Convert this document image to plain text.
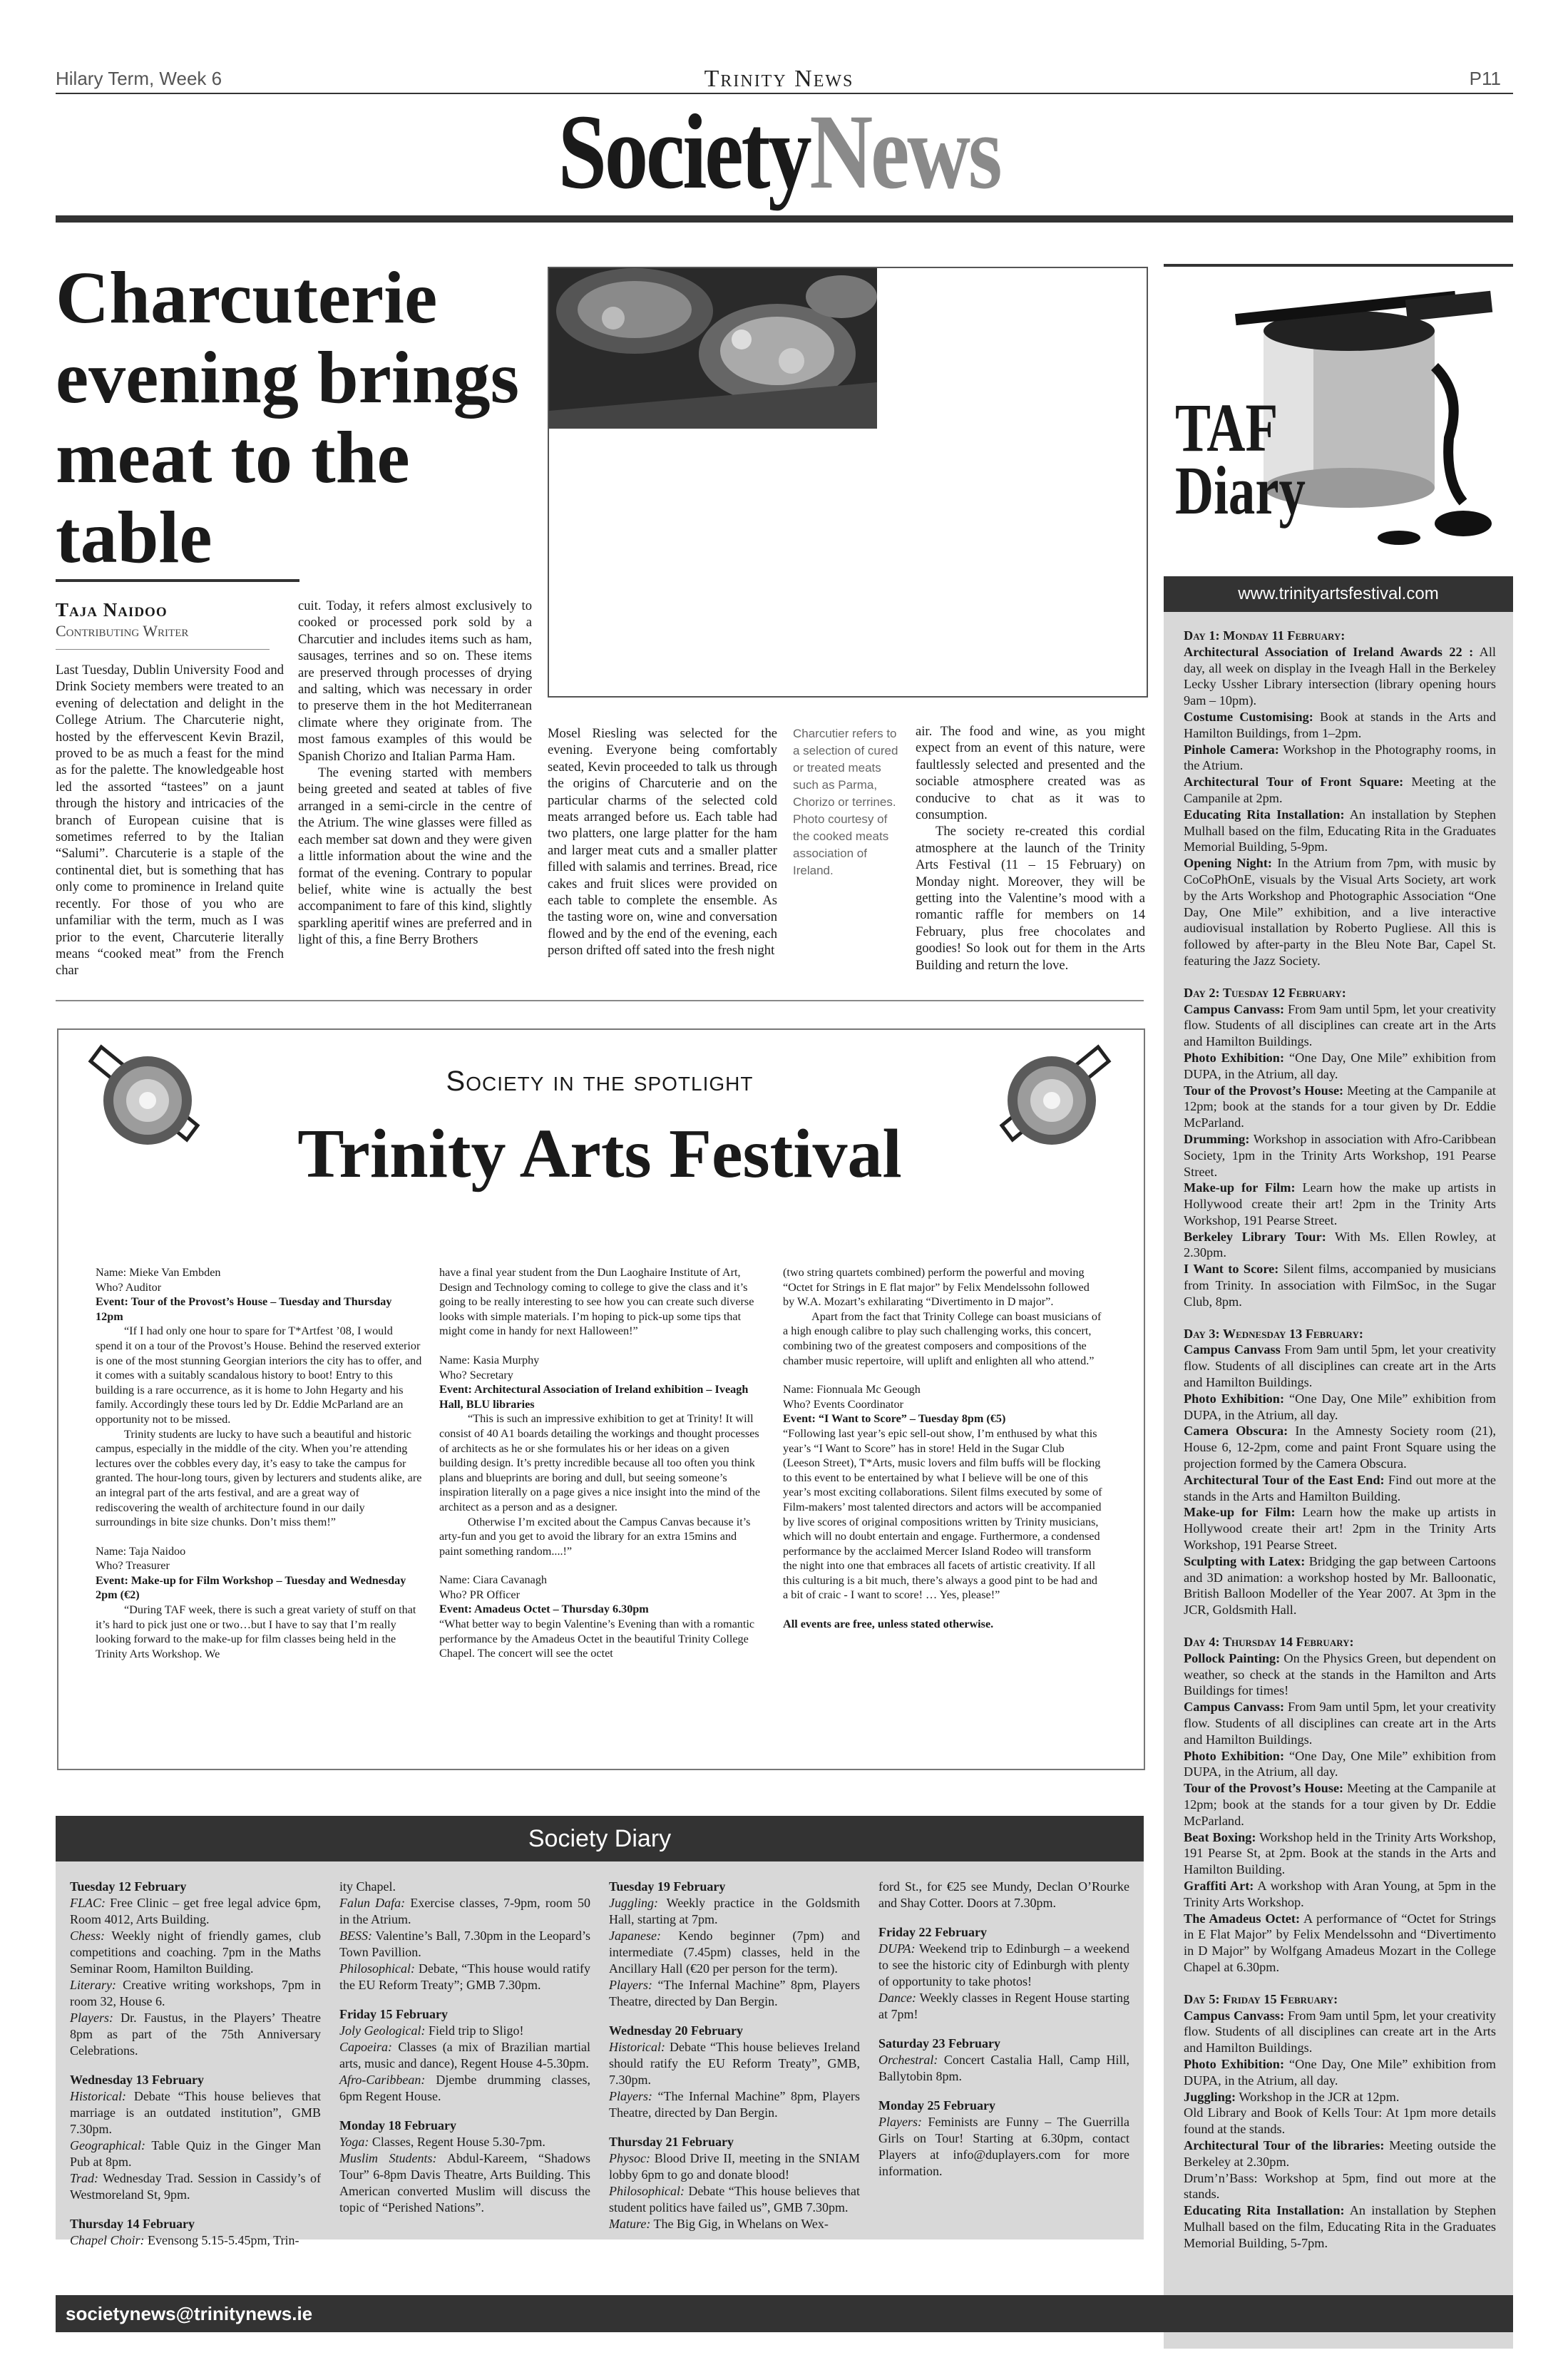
Hilary Term, Week 6	Trinity News	P11
SocietyNews
Charcuterie evening brings meat to the table
Taja Naidoo
Contributing Writer

Last Tuesday, Dublin University Food and Drink Society members were treated to an evening of delectation and delight in the College Atrium. The Charcuterie night, hosted by the effervescent Kevin Brazil, proved to be as much a feast for the mind as for the palette. The knowledgeable host led the assorted “tastees” on a jaunt through the history and intricacies of the branch of European cuisine that is sometimes referred to by the Italian “Salumi”. Charcuterie is a staple of the continental diet, but is something that has only come to prominence in Ireland quite recently. For those of you who are unfamiliar with the term, much as I was prior to the event, Charcuterie literally means “cooked meat” from the French char

cuit. Today, it refers almost exclusively to cooked or processed pork sold by a Charcutier and includes items such as ham, sausages, terrines and so on. These items are preserved through processes of drying and salting, which was necessary in order to preserve them in the hot Mediterranean climate where they originate from. The most famous examples of this would be Spanish Chorizo and Italian Parma Ham.

The evening started with members being greeted and seated at tables of five arranged in a semi-circle in the centre of the Atrium. The wine glasses were filled as each member sat down and they were given a little information about the wine and the format of the evening. Contrary to popular belief, white wine is actually the best accompaniment to fare of this kind, slightly sparkling aperitif wines are preferred and in light of this, a fine Berry Brothers

Mosel Riesling was selected for the evening. Everyone being comfortably seated, Kevin proceeded to talk us through the origins of Charcuterie and on the particular charms of the selected cold meats arranged before us. Each table had two platters, one large platter for the ham and larger meat cuts and a smaller platter filled with salamis and terrines. Bread, rice cakes and fruit slices were provided on each table to complete the ensemble. As the tasting wore on, wine and conversation flowed and by the end of the evening, each person drifted off sated into the fresh night

Charcutier refers to a selection of cured or treated meats such as Parma, Chorizo or terrines. Photo courtesy of the cooked meats association of Ireland.

air. The food and wine, as you might expect from an event of this nature, were faultlessly selected and presented and the sociable atmosphere created was as conducive to chat as it was to consumption.

The society re-created this cordial atmosphere at the launch of the Trinity Arts Festival (11 – 15 February) on Monday night. Moreover, they will be getting into the Valentine’s mood with a romantic raffle for members on 14 February, plus free chocolates and goodies! So look out for them in the Arts Building and return the love.

TAF
Diary
www.trinityartsfestival.com
Day 1: Monday 11 February:
Architectural Association of Ireland Awards 22 : All day, all week on display in the Iveagh Hall in the Berkeley Lecky Ussher Library intersection (library opening hours 9am – 10pm).
Costume Customising: Book at stands in the Arts and Hamilton Buildings, from 1–2pm.
Pinhole Camera: Workshop in the Photography rooms, in the Atrium.
Architectural Tour of Front Square: Meeting at the Campanile at 2pm.
Educating Rita Installation: An installation by Stephen Mulhall based on the film, Educating Rita in the Graduates Memorial Building, 5-9pm.
Opening Night: In the Atrium from 7pm, with music by CoCoPhOnE, visuals by the Visual Arts Society, art work by the Arts Workshop and Photographic Association “One Day, One Mile” exhibition, and a live interactive audiovisual installation by Roberto Pugliese. All this is followed by after-party in the Bleu Note Bar, Capel St. featuring the Jazz Society.
Day 2: Tuesday 12 February:
Campus Canvass: From 9am until 5pm, let your creativity flow. Students of all disciplines can create art in the Arts and Hamilton Buildings.
Photo Exhibition: “One Day, One Mile” exhibition from DUPA, in the Atrium, all day.
Tour of the Provost’s House: Meeting at the Campanile at 12pm; book at the stands for a tour given by Dr. Eddie McParland.
Drumming: Workshop in association with Afro-Caribbean Society, 1pm in the Trinity Arts Workshop, 191 Pearse Street.
Make-up for Film: Learn how the make up artists in Hollywood create their art! 2pm in the Trinity Arts Workshop, 191 Pearse Street.
Berkeley Library Tour: With Ms. Ellen Rowley, at 2.30pm.
I Want to Score: Silent films, accompanied by musicians from Trinity. In association with FilmSoc, in the Sugar Club, 8pm.
Day 3: Wednesday 13 February:
Campus Canvass From 9am until 5pm, let your creativity flow. Students of all disciplines can create art in the Arts and Hamilton Buildings.
Photo Exhibition: “One Day, One Mile” exhibition from DUPA, in the Atrium, all day.
Camera Obscura: In the Amnesty Society room (21), House 6, 12-2pm, come and paint Front Square using the projection formed by the Camera Obscura.
Architectural Tour of the East End: Find out more at the stands in the Arts and Hamilton Building.
Make-up for Film: Learn how the make up artists in Hollywood create their art! 2pm in the Trinity Arts Workshop, 191 Pearse Street.
Sculpting with Latex: Bridging the gap between Cartoons and 3D animation: a workshop hosted by Mr. Balloonatic, British Balloon Modeller of the Year 2007. At 3pm in the JCR, Goldsmith Hall.
Day 4: Thursday 14 February:
Pollock Painting: On the Physics Green, but dependent on weather, so check at the stands in the Hamilton and Arts Buildings for times!
Campus Canvass: From 9am until 5pm, let your creativity flow. Students of all disciplines can create art in the Arts and Hamilton Buildings.
Photo Exhibition: “One Day, One Mile” exhibition from DUPA, in the Atrium, all day.
Tour of the Provost’s House: Meeting at the Campanile at 12pm; book at the stands for a tour given by Dr. Eddie McParland.
Beat Boxing: Workshop held in the Trinity Arts Workshop, 191 Pearse St, at 2pm. Book at the stands in the Arts and Hamilton Building.
Graffiti Art: A workshop with Aran Young, at 5pm in the Trinity Arts Workshop.
The Amadeus Octet: A performance of “Octet for Strings in E Flat Major” by Felix Mendelssohn and “Divertimento in D Major” by Wolfgang Amadeus Mozart in the College Chapel at 6.30pm.
Day 5: Friday 15 February:
Campus Canvass: From 9am until 5pm, let your creativity flow. Students of all disciplines can create art in the Arts and Hamilton Buildings.
Photo Exhibition: “One Day, One Mile” exhibition from DUPA, in the Atrium, all day.
Juggling: Workshop in the JCR at 12pm.
Old Library and Book of Kells Tour: At 1pm more details found at the stands.
Architectural Tour of the libraries: Meeting outside the Berkeley at 2.30pm.
Drum’n’Bass: Workshop at 5pm, find out more at the stands.
Educating Rita Installation: An installation by Stephen Mulhall based on the film, Educating Rita in the Graduates Memorial Building, 5-7pm.
Society in the spotlight
Trinity Arts Festival

Name: Mieke Van Embden

Who? Auditor

Event: Tour of the Provost’s House – Tuesday and Thursday 12pm

“If I had only one hour to spare for T*Artfest ’08, I would spend it on a tour of the Provost’s House. Behind the reserved exterior is one of the most stunning Georgian interiors the city has to offer, and it comes with a suitably scandalous history to boot! Entry to this building is a rare occurrence, as it is home to John Hegarty and his family. Accordingly these tours led by Dr. Eddie McParland are an opportunity not to be missed.

Trinity students are lucky to have such a beautiful and historic campus, especially in the middle of the city. When you’re attending lectures over the cobbles every day, it’s easy to take the campus for granted. The hour-long tours, given by lecturers and students alike, are an integral part of the arts festival, and are a great way of rediscovering the wealth of architecture found in our daily surroundings in bite size chunks. Don’t miss them!”

Name: Taja Naidoo

Who? Treasurer

Event: Make-up for Film Workshop – Tuesday and Wednesday 2pm (€2)

“During TAF week, there is such a great variety of stuff on that it’s hard to pick just one or two…but I have to say that I’m really looking forward to the make-up for film classes being held in the Trinity Arts Workshop. We

have a final year student from the Dun Laoghaire Institute of Art, Design and Technology coming to college to give the class and it’s going to be really interesting to see how you can create such diverse looks with simple materials. I’m hoping to pick-up some tips that might come in handy for next Halloween!”

Name: Kasia Murphy

Who? Secretary

Event: Architectural Association of Ireland exhibition – Iveagh Hall, BLU libraries

“This is such an impressive exhibition to get at Trinity! It will consist of 40 A1 boards detailing the workings and thought processes of architects as he or she formulates his or her ideas on a given building design. It’s pretty incredible because all too often you think plans and blueprints are boring and dull, but seeing someone’s inspiration literally on a page gives a nice insight into the mind of the architect as a person and as a designer.

Otherwise I’m excited about the Campus Canvas because it’s arty-fun and you get to avoid the library for an extra 15mins and paint something random....!”

Name: Ciara Cavanagh

Who? PR Officer

Event: Amadeus Octet – Thursday 6.30pm

“What better way to begin Valentine’s Evening than with a romantic performance by the Amadeus Octet in the beautiful Trinity College Chapel. The concert will see the octet

(two string quartets combined) perform the powerful and moving “Octet for Strings in E flat major” by Felix Mendelssohn followed by W.A. Mozart’s exhilarating “Divertimento in D major”.

Apart from the fact that Trinity College can boast musicians of a high enough calibre to play such challenging works, this concert, combining two of the greatest composers and compositions of the chamber music repertoire, will uplift and enlighten all who attend.”

Name: Fionnuala Mc Geough

Who? Events Coordinator

Event: “I Want to Score” – Tuesday 8pm (€5)

“Following last year’s epic sell-out show, I’m enthused by what this year’s “I Want to Score” has in store! Held in the Sugar Club (Leeson Street), T*Arts, music lovers and film buffs will be flocking to this event to be entertained by what I believe will be one of this year’s most exciting collaborations. Silent films executed by some of Film-makers’ most talented directors and actors will be accompanied by live scores of original compositions written by Trinity musicians, which will no doubt entertain and engage. Furthermore, a condensed performance by the acclaimed Mercer Island Rodeo will transform the night into one that embraces all facets of artistic creativity. If all this culturing is a bit much, there’s always a good pint to be had and a bit of craic - I want to score! … Yes, please!”

All events are free, unless stated otherwise.

Society Diary

Tuesday 12 February

FLAC: Free Clinic – get free legal advice 6pm, Room 4012, Arts Building.

Chess: Weekly night of friendly games, club competitions and coaching. 7pm in the Maths Seminar Room, Hamilton Building.

Literary: Creative writing workshops, 7pm in room 32, House 6.

Players: Dr. Faustus, in the Players’ Theatre 8pm as part of the 75th Anniversary Celebrations.

Wednesday 13 February

Historical: Debate “This house believes that marriage is an outdated institution”, GMB 7.30pm.

Geographical: Table Quiz in the Ginger Man Pub at 8pm.

Trad: Wednesday Trad. Session in Cassidy’s of Westmoreland St, 9pm.

Thursday 14 February

Chapel Choir: Evensong 5.15-5.45pm, Trin-

ity Chapel.

Falun Dafa: Exercise classes, 7-9pm, room 50 in the Atrium.

BESS: Valentine’s Ball, 7.30pm in the Leopard’s Town Pavillion.

Philosophical: Debate, “This house would ratify the EU Reform Treaty”; GMB 7.30pm.

Friday 15 February

Joly Geological: Field trip to Sligo!

Capoeira: Classes (a mix of Brazilian martial arts, music and dance), Regent House 4-5.30pm.

Afro-Caribbean: Djembe drumming classes, 6pm Regent House.

Monday 18 February

Yoga: Classes, Regent House 5.30-7pm.

Muslim Students: Abdul-Kareem, “Shadows Tour” 6-8pm Davis Theatre, Arts Building. This American converted Muslim will discuss the topic of “Perished Nations”.

Tuesday 19 February

Juggling: Weekly practice in the Goldsmith Hall, starting at 7pm.

Japanese: Kendo beginner (7pm) and intermediate (7.45pm) classes, held in the Ancillary Hall (€20 per person for the term).

Players: “The Infernal Machine” 8pm, Players Theatre, directed by Dan Bergin.

Wednesday 20 February

Historical: Debate “This house believes Ireland should ratify the EU Reform Treaty”, GMB, 7.30pm.

Players: “The Infernal Machine” 8pm, Players Theatre, directed by Dan Bergin.

Thursday 21 February

Physoc: Blood Drive II, meeting in the SNIAM lobby 6pm to go and donate blood!

Philosophical: Debate “This house believes that student politics have failed us”, GMB 7.30pm.

Mature: The Big Gig, in Whelans on Wex-

ford St., for €25 see Mundy, Declan O’Rourke and Shay Cotter. Doors at 7.30pm.

Friday 22 February

DUPA: Weekend trip to Edinburgh – a weekend to see the historic city of Edinburgh with plenty of opportunity to take photos!

Dance: Weekly classes in Regent House starting at 7pm!

Saturday 23 February

Orchestral: Concert Castalia Hall, Camp Hill, Ballytobin 8pm.

Monday 25 February

Players: Feminists are Funny – The Guerrilla Girls on Tour! Starting at 6.30pm, contact Players at info@duplayers.com for more information.

societynews@trinitynews.ie
